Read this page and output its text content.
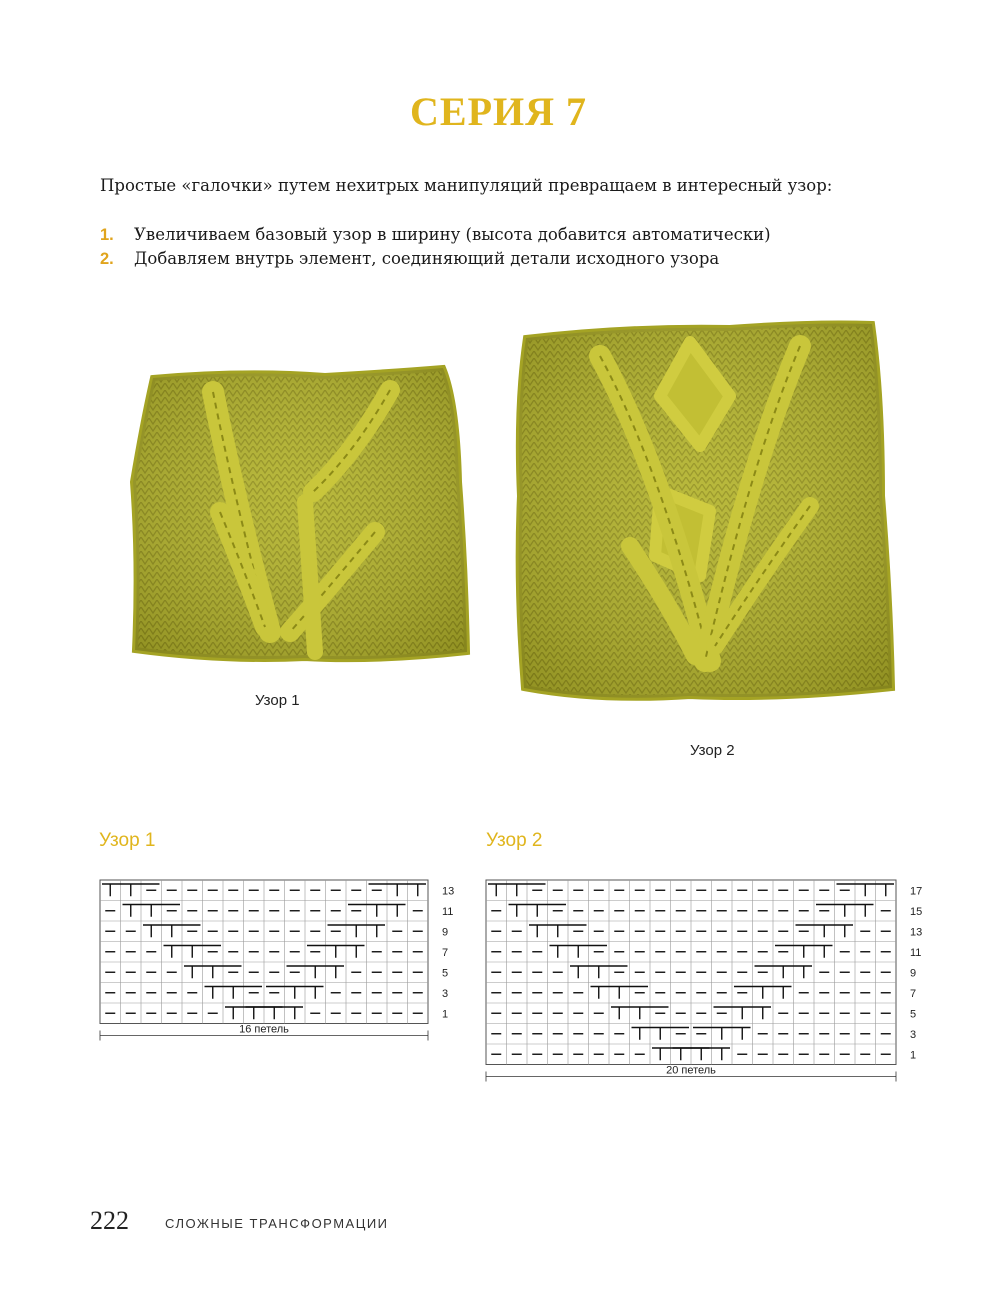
СЕРИЯ 7
Простые «галочки» путем нехитрых манипуляций превращаем в интересный узор:
1. Увеличиваем базовый узор в ширину (высота добавится автоматически)
2. Добавляем внутрь элемент, соединяющий детали исходного узора
Узор 1
Узор 2
Узор 1	Узор 2
13
11
9
7
5
3
1
16 петель
17
15
13
11
9
7
5
3
1
20 петель
222	СЛОЖНЫЕ ТРАНСФОРМАЦИИ
